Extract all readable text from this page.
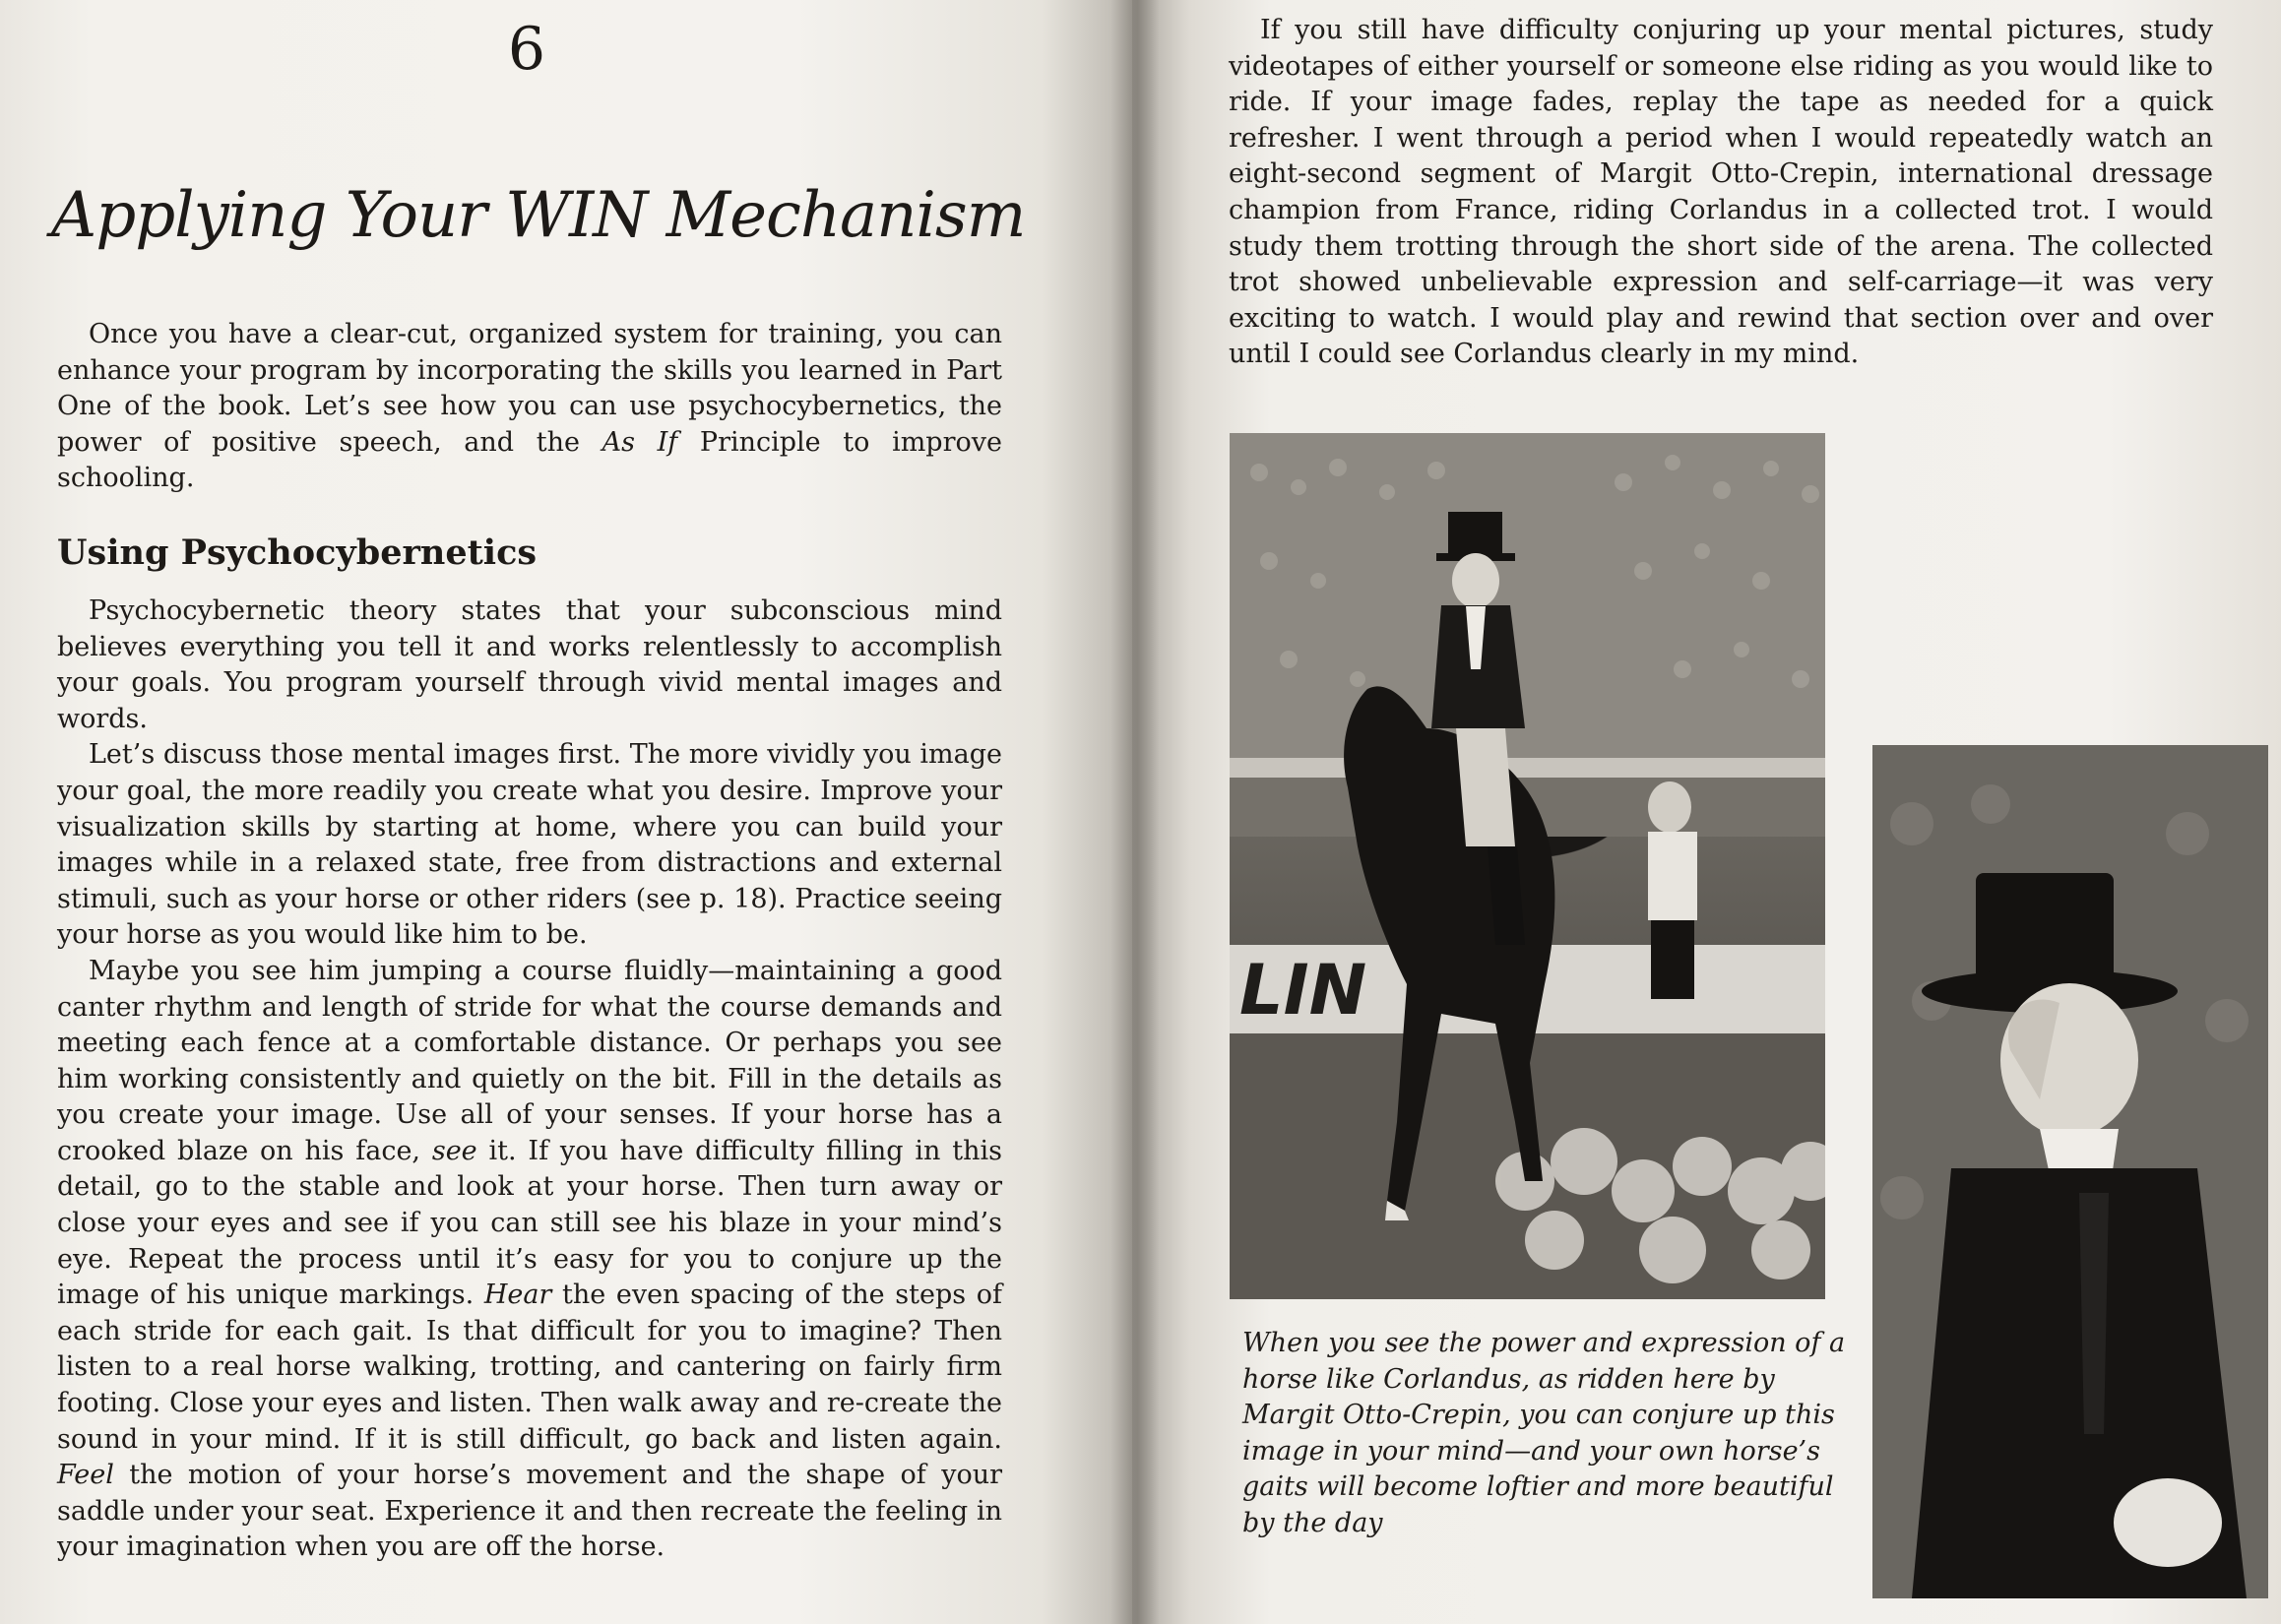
6
Applying Your WIN Mechanism

Once you have a clear-cut, organized system for training, you can enhance your program by incorporating the skills you learned in Part One of the book. Let’s see how you can use psychocybernetics, the power of positive speech, and the As If Principle to improve schooling.

Using Psychocybernetics

Psychocybernetic theory states that your subconscious mind believes everything you tell it and works relentlessly to accomplish your goals. You program yourself through vivid mental images and words.

Let’s discuss those mental images first. The more vividly you image your goal, the more readily you create what you desire. Improve your visualization skills by starting at home, where you can build your images while in a relaxed state, free from distractions and external stimuli, such as your horse or other riders (see p. 18). Practice seeing your horse as you would like him to be.

Maybe you see him jumping a course fluidly—maintaining a good canter rhythm and length of stride for what the course demands and meeting each fence at a comfortable distance. Or perhaps you see him working consistently and quietly on the bit. Fill in the details as you create your image. Use all of your senses. If your horse has a crooked blaze on his face, see it. If you have difficulty filling in this detail, go to the stable and look at your horse. Then turn away or close your eyes and see if you can still see his blaze in your mind’s eye. Repeat the process until it’s easy for you to conjure up the image of his unique markings. Hear the even spacing of the steps of each stride for each gait. Is that difficult for you to imagine? Then listen to a real horse walking, trotting, and cantering on fairly firm footing. Close your eyes and listen. Then walk away and re-create the sound in your mind. If it is still difficult, go back and listen again. Feel the motion of your horse’s movement and the shape of your saddle under your seat. Experience it and then recreate the feeling in your imagination when you are off the horse.

If you still have difficulty conjuring up your mental pictures, study videotapes of either yourself or someone else riding as you would like to ride. If your image fades, replay the tape as needed for a quick refresher. I went through a period when I would repeatedly watch an eight-second segment of Margit Otto-Crepin, international dressage champion from France, riding Corlandus in a collected trot. I would study them trotting through the short side of the arena. The collected trot showed unbelievable expression and self-carriage—it was very exciting to watch. I would play and rewind that section over and over until I could see Corlandus clearly in my mind.

LIN
When you see the power and expression of a horse like Corlandus, as ridden here by Margit Otto-Crepin, you can conjure up this image in your mind—and your own horse’s gaits will become loftier and more beautiful by the day
